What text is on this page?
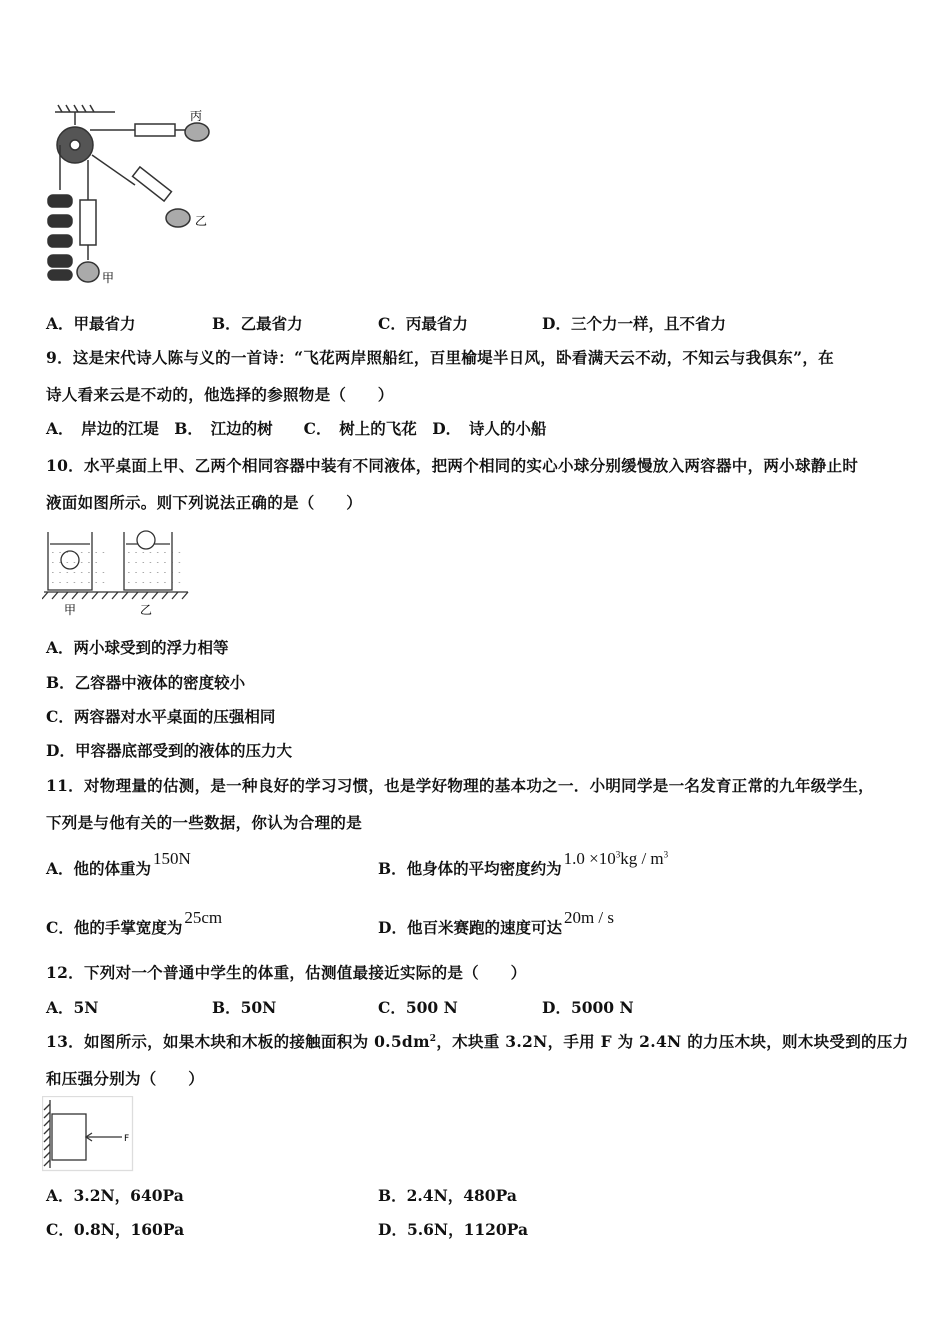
丙
乙
甲
A．甲最省力	B．乙最省力	C．丙最省力	D．三个力一样，且不省力
9．这是宋代诗人陈与义的一首诗：“飞花两岸照船红，百里榆堤半日风，卧看满天云不动，不知云与我俱东”，在
诗人看来云是不动的，他选择的参照物是（　　）
A．　岸边的江堤　B．　江边的树　　C．　树上的飞花　D．　诗人的小船
10．水平桌面上甲、乙两个相同容器中装有不同液体，把两个相同的实心小球分别缓慢放入两容器中，两小球静止时
液面如图所示。则下列说法正确的是（　　）
- - - - - - - -
- - - - - - -
- - - - - - - -
- - - - - - - -
- - - - - - - -
- - - - - - - -
- - - - - - - -
- - - - - - - -
甲	乙
A．两小球受到的浮力相等
B．乙容器中液体的密度较小
C．两容器对水平桌面的压强相同
D．甲容器底部受到的液体的压力大
11．对物理量的估测，是一种良好的学习习惯，也是学好物理的基本功之一．小明同学是一名发育正常的九年级学生，
下列是与他有关的一些数据，你认为合理的是
A．他的体重为150N
B．他身体的平均密度约为$1.0 \times 10^3kg / m^3$
C．他的手掌宽度为25cm
D．他百米赛跑的速度可达20m / s
12．下列对一个普通中学生的体重，估测值最接近实际的是（　　）
A．5N	B．50N	C．500 N	D．5000 N
13．如图所示，如果木块和木板的接触面积为 $0.5dm^2$，木块重 3.2N，手用 F 为 2.4N 的力压木块，则木块受到的压力
和压强分别为（　　）
F
A．3.2N，640Pa	B．2.4N，480Pa
C．0.8N，160Pa	D．5.6N，1120Pa
